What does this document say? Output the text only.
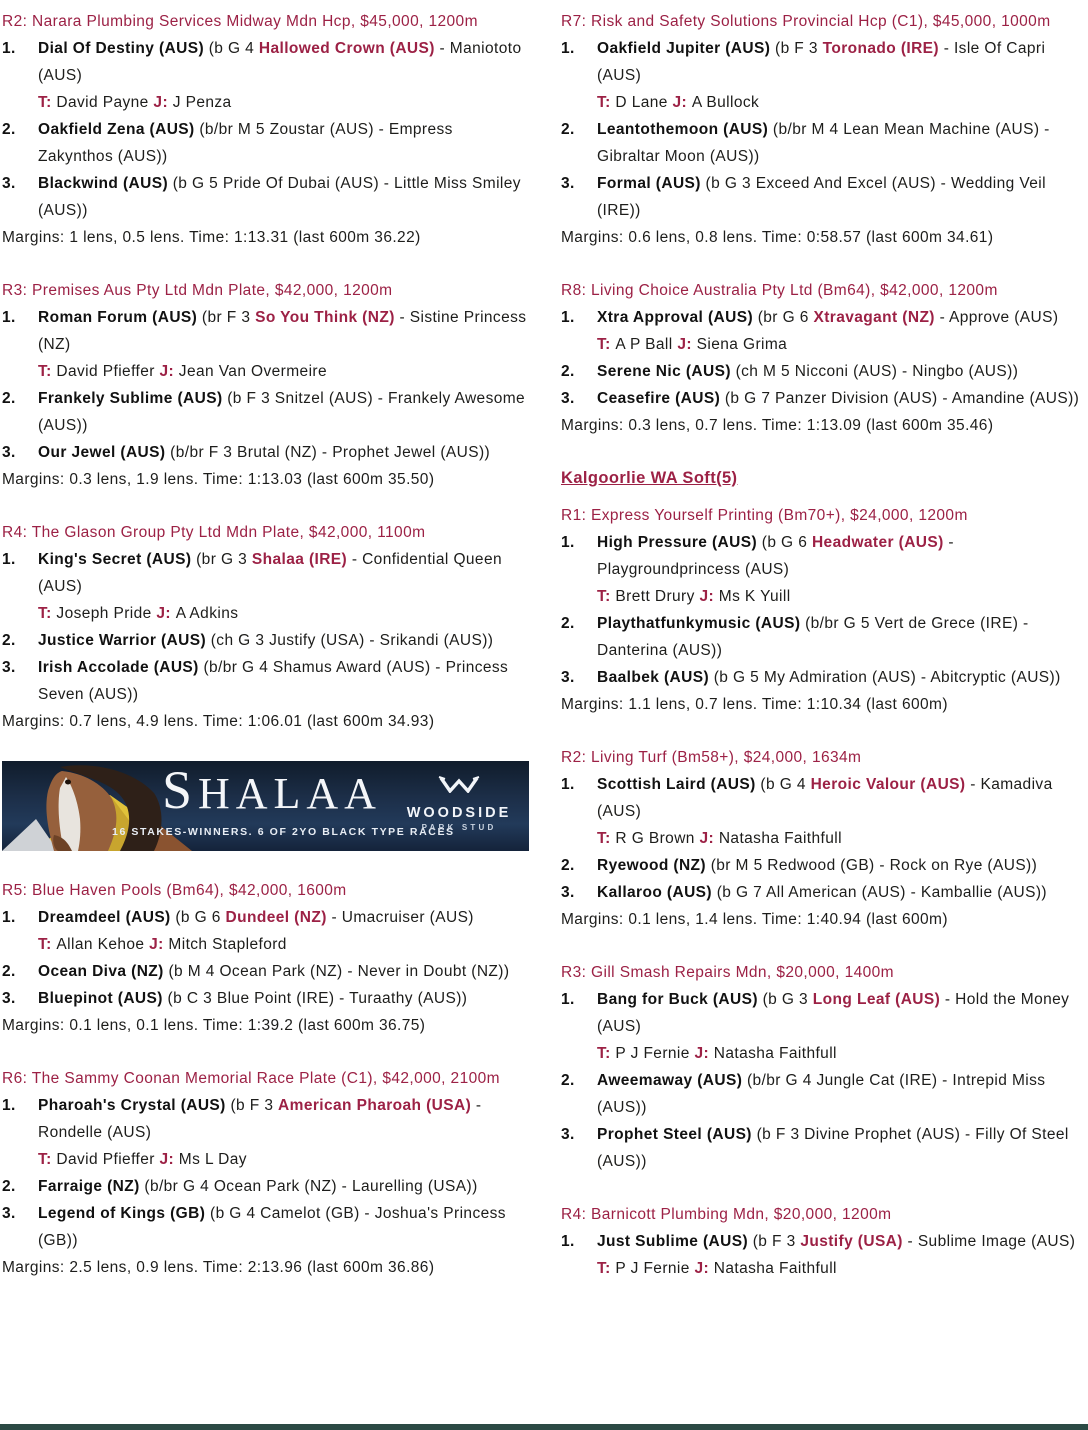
R2: Narara Plumbing Services Midway Mdn Hcp, $45,000, 1200m

1.	Dial Of Destiny (AUS) (b G 4 Hallowed Crown (AUS) - Maniototo (AUS)
T: David Payne J: J Penza
2.	Oakfield Zena (AUS) (b/br M 5 Zoustar (AUS) - Empress Zakynthos (AUS))
3.	Blackwind (AUS) (b G 5 Pride Of Dubai (AUS) - Little Miss Smiley (AUS))
Margins: 1 lens, 0.5 lens. Time: 1:13.31 (last 600m 36.22)

R3: Premises Aus Pty Ltd Mdn Plate, $42,000, 1200m

1.	Roman Forum (AUS) (br F 3 So You Think (NZ) - Sistine Princess (NZ)
T: David Pfieffer J: Jean Van Overmeire
2.	Frankely Sublime (AUS) (b F 3 Snitzel (AUS) - Frankely Awesome (AUS))
3.	Our Jewel (AUS) (b/br F 3 Brutal (NZ) - Prophet Jewel (AUS))
Margins: 0.3 lens, 1.9 lens. Time: 1:13.03 (last 600m 35.50)

R4: The Glason Group Pty Ltd Mdn Plate, $42,000, 1100m

1.	King's Secret (AUS) (br G 3 Shalaa (IRE) - Confidential Queen (AUS)
T: Joseph Pride J: A Adkins
2.	Justice Warrior (AUS) (ch G 3 Justify (USA) - Srikandi (AUS))
3.	Irish Accolade (AUS) (b/br G 4 Shamus Award (AUS) - Princess Seven (AUS))
Margins: 0.7 lens, 4.9 lens. Time: 1:06.01 (last 600m 34.93)
SHALAA
16 STAKES-WINNERS. 6 OF 2YO BLACK TYPE RACES
WOODSIDE
PARK STUD

R5: Blue Haven Pools (Bm64), $42,000, 1600m

1.	Dreamdeel (AUS) (b G 6 Dundeel (NZ) - Umacruiser (AUS)
T: Allan Kehoe J: Mitch Stapleford
2.	Ocean Diva (NZ) (b M 4 Ocean Park (NZ) - Never in Doubt (NZ))
3.	Bluepinot (AUS) (b C 3 Blue Point (IRE) - Turaathy (AUS))
Margins: 0.1 lens, 0.1 lens. Time: 1:39.2 (last 600m 36.75)

R6: The Sammy Coonan Memorial Race Plate (C1), $42,000, 2100m

1.	Pharoah's Crystal (AUS) (b F 3 American Pharoah (USA) - Rondelle (AUS)
T: David Pfieffer J: Ms L Day
2.	Farraige (NZ) (b/br G 4 Ocean Park (NZ) - Laurelling (USA))
3.	Legend of Kings (GB) (b G 4 Camelot (GB) - Joshua's Princess (GB))
Margins: 2.5 lens, 0.9 lens. Time: 2:13.96 (last 600m 36.86)

R7: Risk and Safety Solutions Provincial Hcp (C1), $45,000, 1000m

1.	Oakfield Jupiter (AUS) (b F 3 Toronado (IRE) - Isle Of Capri (AUS)
T: D Lane J: A Bullock
2.	Leantothemoon (AUS) (b/br M 4 Lean Mean Machine (AUS) - Gibraltar Moon (AUS))
3.	Formal (AUS) (b G 3 Exceed And Excel (AUS) - Wedding Veil (IRE))
Margins: 0.6 lens, 0.8 lens. Time: 0:58.57 (last 600m 34.61)

R8: Living Choice Australia Pty Ltd (Bm64), $42,000, 1200m

1.	Xtra Approval (AUS) (br G 6 Xtravagant (NZ) - Approve (AUS)
T: A P Ball J: Siena Grima
2.	Serene Nic (AUS) (ch M 5 Nicconi (AUS) - Ningbo (AUS))
3.	Ceasefire (AUS) (b G 7 Panzer Division (AUS) - Amandine (AUS))
Margins: 0.3 lens, 0.7 lens. Time: 1:13.09 (last 600m 35.46)
Kalgoorlie WA Soft(5)

R1: Express Yourself Printing (Bm70+), $24,000, 1200m

1.	High Pressure (AUS) (b G 6 Headwater (AUS) - Playgroundprincess (AUS)
T: Brett Drury J: Ms K Yuill
2.	Playthatfunkymusic (AUS) (b/br G 5 Vert de Grece (IRE) - Danterina (AUS))
3.	Baalbek (AUS) (b G 5 My Admiration (AUS) - Abitcryptic (AUS))
Margins: 1.1 lens, 0.7 lens. Time: 1:10.34 (last 600m)

R2: Living Turf (Bm58+), $24,000, 1634m

1.	Scottish Laird (AUS) (b G 4 Heroic Valour (AUS) - Kamadiva (AUS)
T: R G Brown J: Natasha Faithfull
2.	Ryewood (NZ) (br M 5 Redwood (GB) - Rock on Rye (AUS))
3.	Kallaroo (AUS) (b G 7 All American (AUS) - Kamballie (AUS))
Margins: 0.1 lens, 1.4 lens. Time: 1:40.94 (last 600m)

R3: Gill Smash Repairs Mdn, $20,000, 1400m

1.	Bang for Buck (AUS) (b G 3 Long Leaf (AUS) - Hold the Money (AUS)
T: P J Fernie J: Natasha Faithfull
2.	Aweemaway (AUS) (b/br G 4 Jungle Cat (IRE) - Intrepid Miss (AUS))
3.	Prophet Steel (AUS) (b F 3 Divine Prophet (AUS) - Filly Of Steel (AUS))

R4: Barnicott Plumbing Mdn, $20,000, 1200m

1.	Just Sublime (AUS) (b F 3 Justify (USA) - Sublime Image (AUS)
T: P J Fernie J: Natasha Faithfull
